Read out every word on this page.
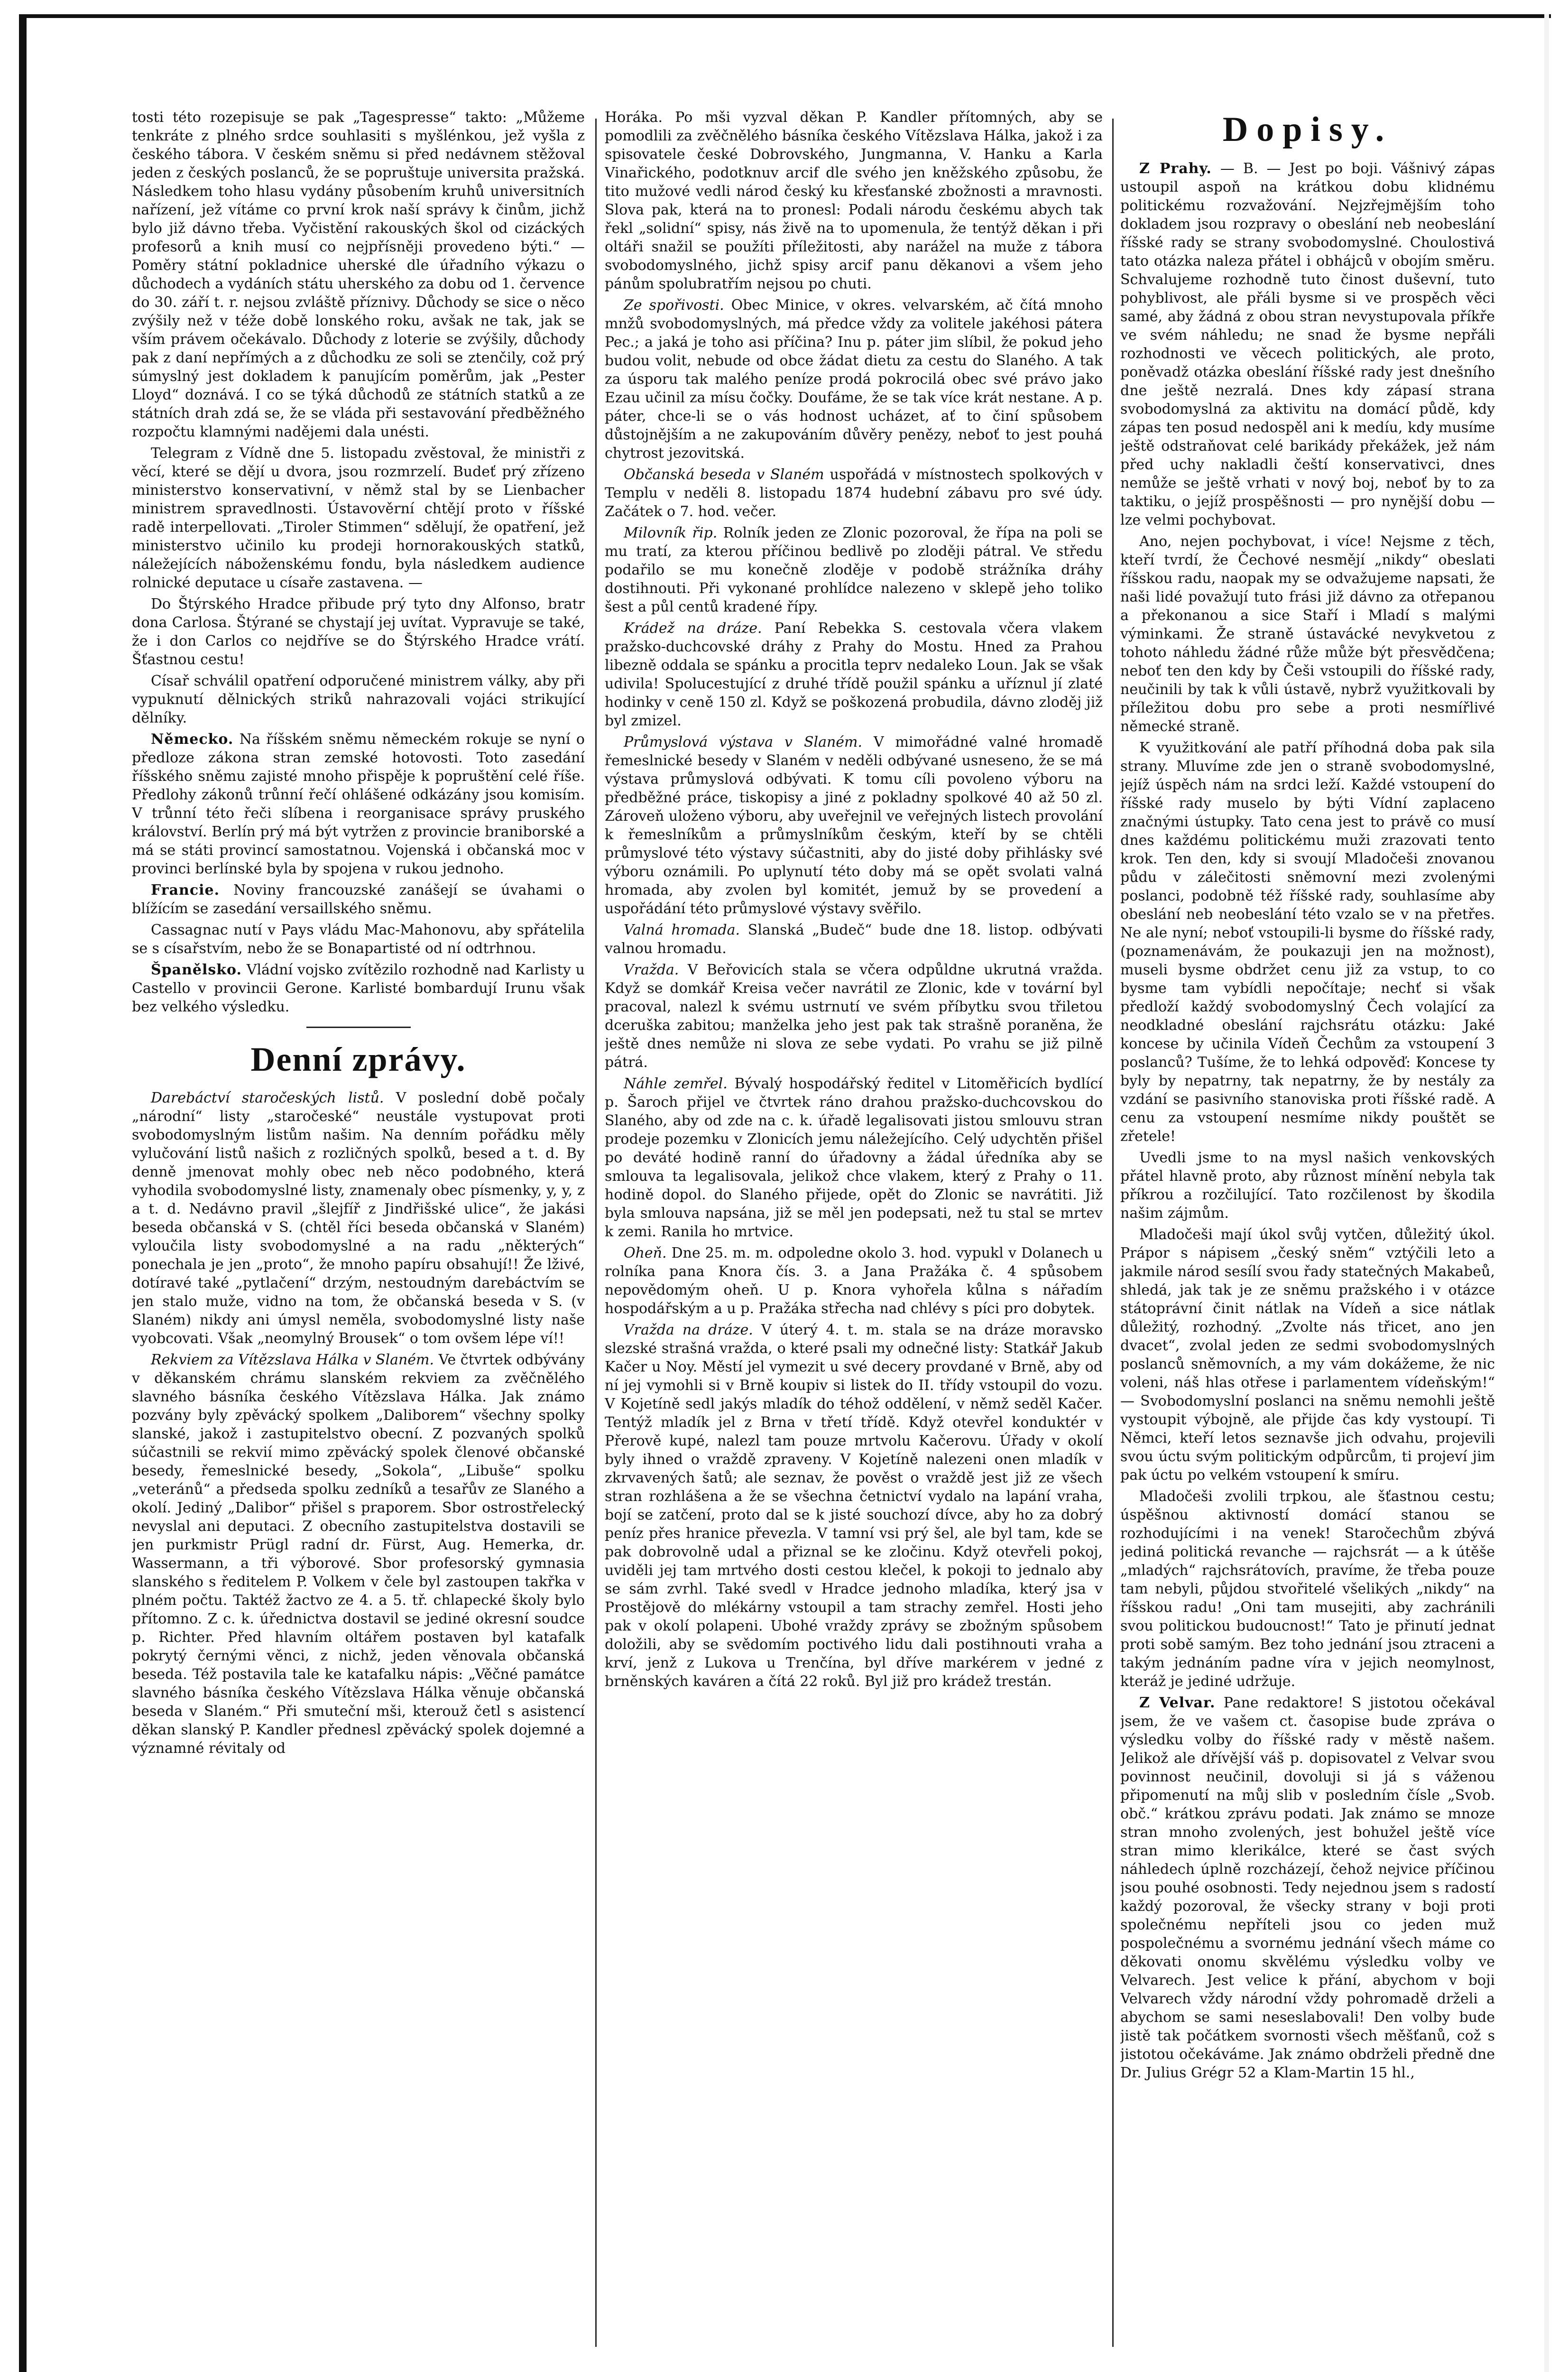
tosti této rozepisuje se pak „Tagespresse“ takto: „Můžeme tenkráte z plného srdce souhlasiti s myšlénkou, jež vyšla z českého tábora. V českém sněmu si před nedávnem stěžoval jeden z českých poslanců, že se popruštuje universita pražská. Následkem toho hlasu vydány působením kruhů universitních nařízení, jež vítáme co první krok naší správy k činům, jichž bylo již dávno třeba. Vyčistění rakouských škol od cizáckých profesorů a knih musí co nejpřísněji provedeno býti.“ — Poměry státní pokladnice uherské dle úřadního výkazu o důchodech a vydáních státu uherského za dobu od 1. července do 30. září t. r. nejsou zvláště příznivy. Důchody se sice o něco zvýšily než v téže době lonského roku, avšak ne tak, jak se vším právem očekávalo. Důchody z loterie se zvýšily, důchody pak z daní nepřímých a z důchodku ze soli se ztenčily, což prý súmyslný jest dokladem k panujícím poměrům, jak „Pester Lloyd“ doznává. I co se týká důchodů ze státních statků a ze státních drah zdá se, že se vláda při sestavování předběžného rozpočtu klamnými nadějemi dala unésti.

Telegram z Vídně dne 5. listopadu zvěstoval, že ministři z věcí, které se dějí u dvora, jsou rozmrzelí. Budeť prý zřízeno ministerstvo konservativní, v němž stal by se Lienbacher ministrem spravedlnosti. Ústavověrní chtějí proto v říšské radě interpellovati. „Tiroler Stimmen“ sdělují, že opatření, jež ministerstvo učinilo ku prodeji hornorakouských statků, náležejících náboženskému fondu, byla následkem audience rolnické deputace u císaře zastavena. —

Do Štýrského Hradce přibude prý tyto dny Alfonso, bratr dona Carlosa. Štýrané se chystají jej uvítat. Vypravuje se také, že i don Carlos co nejdříve se do Štýrského Hradce vrátí. Šťastnou cestu!

Císař schválil opatření odporučené ministrem války, aby při vypuknutí dělnických striků nahrazovali vojáci strikující dělníky.

Německo. Na říšském sněmu německém rokuje se nyní o předloze zákona stran zemské hotovosti. Toto zasedání říšského sněmu zajisté mnoho přispěje k popruštění celé říše. Předlohy zákonů trůnní řečí ohlášené odkázány jsou komisím. V trůnní této řeči slíbena i reorganisace správy pruského království. Berlín prý má být vytržen z provincie braniborské a má se státi provincí samostatnou. Vojenská i občanská moc v provinci berlínské byla by spojena v rukou jednoho.

Francie. Noviny francouzské zanášejí se úvahami o blížícím se zasedání versaillského sněmu.

Cassagnac nutí v Pays vládu Mac-Mahonovu, aby spřátelila se s císařstvím, nebo že se Bonapartisté od ní odtrhnou.

Španělsko. Vládní vojsko zvítězilo rozhodně nad Karlisty u Castello v provincii Gerone. Karlisté bombardují Irunu však bez velkého výsledku.

Denní zprávy.

Darebáctví staročeských listů. V poslední době počaly „národní“ listy „staročeské“ neustále vystupovat proti svobodomyslným listům našim. Na denním pořádku měly vylučování listů našich z rozličných spolků, besed a t. d. By denně jmenovat mohly obec neb něco podobného, která vyhodila svobodomyslné listy, znamenaly obec písmenky, y, y, z a t. d. Nedávno pravil „šlejfíř z Jindřišské ulice“, že jakási beseda občanská v S. (chtěl říci beseda občanská v Slaném) vyloučila listy svobodomyslné a na radu „některých“ ponechala je jen „proto“, že mnoho papíru obsahují!! Že lživé, dotíravé také „pytlačení“ drzým, nestoudným darebáctvím se jen stalo muže, vidno na tom, že občanská beseda v S. (v Slaném) nikdy ani úmysl neměla, svobodomyslné listy naše vyobcovati. Však „neomylný Brousek“ o tom ovšem lépe ví!!

Rekviem za Vítězslava Hálka v Slaném. Ve čtvrtek odbývány v děkanském chrámu slanském rekviem za zvěčnělého slavného básníka českého Vítězslava Hálka. Jak známo pozvány byly zpěvácký spolkem „Daliborem“ všechny spolky slanské, jakož i zastupitelstvo obecní. Z pozvaných spolků súčastnili se rekvií mimo zpěvácký spolek členové občanské besedy, řemeslnické besedy, „Sokola“, „Libuše“ spolku „veteránů“ a předseda spolku zedníků a tesařův ze Slaného a okolí. Jediný „Dalibor“ přišel s praporem. Sbor ostrostřelecký nevyslal ani deputaci. Z obecního zastupitelstva dostavili se jen purkmistr Prügl radní dr. Fürst, Aug. Hemerka, dr. Wassermann, a tři výborové. Sbor profesorský gymnasia slanského s ředitelem P. Volkem v čele byl zastoupen takřka v plném počtu. Taktéž žactvo ze 4. a 5. tř. chlapecké školy bylo přítomno. Z c. k. úřednictva dostavil se jediné okresní soudce p. Richter. Před hlavním oltářem postaven byl katafalk pokrytý černými věnci, z nichž, jeden věnovala občanská beseda. Též postavila tale ke katafalku nápis: „Věčné památce slavného básníka českého Vítězslava Hálka věnuje občanská beseda v Slaném.“ Při smuteční mši, kterouž četl s asistencí děkan slanský P. Kandler přednesl zpěvácký spolek dojemné a významné révitaly od

Horáka. Po mši vyzval děkan P. Kandler přítomných, aby se pomodlili za zvěčnělého básníka českého Vítězslava Hálka, jakož i za spisovatele české Dobrovského, Jungmanna, V. Hanku a Karla Vinařického, podotknuv arcif dle svého jen kněžského způsobu, že tito mužové vedli národ český ku křesťanské zbožnosti a mravnosti. Slova pak, která na to pronesl: Podali národu českému abych tak řekl „solidní“ spisy, nás živě na to upomenula, že tentýž děkan i při oltáři snažil se použíti příležitosti, aby narážel na muže z tábora svobodomyslného, jichž spisy arcif panu děkanovi a všem jeho pánům spolubratřím nejsou po chuti.

Ze spořivosti. Obec Minice, v okres. velvarském, ač čítá mnoho mnžů svobodomyslných, má předce vždy za volitele jakéhosi pátera Pec.; a jaká je toho asi příčina? Inu p. páter jim slíbil, že pokud jeho budou volit, nebude od obce žádat dietu za cestu do Slaného. A tak za úsporu tak malého peníze prodá pokrocilá obec své právo jako Ezau učinil za mísu čočky. Doufáme, že se tak více krát nestane. A p. páter, chce-li se o vás hodnost ucházet, ať to činí spůsobem důstojnějším a ne zakupováním důvěry penězy, neboť to jest pouhá chytrost jezovitská.

Občanská beseda v Slaném uspořádá v místnostech spolkových v Templu v neděli 8. listopadu 1874 hudební zábavu pro své údy. Začátek o 7. hod. večer.

Milovník řip. Rolník jeden ze Zlonic pozoroval, že řípa na poli se mu tratí, za kterou příčinou bedlivě po zloději pátral. Ve středu podařilo se mu konečně zloděje v podobě strážníka dráhy dostihnouti. Při vykonané prohlídce nalezeno v sklepě jeho toliko šest a půl centů kradené řípy.

Krádež na dráze. Paní Rebekka S. cestovala včera vlakem pražsko-duchcovské dráhy z Prahy do Mostu. Hned za Prahou libezně oddala se spánku a procitla teprv nedaleko Loun. Jak se však udivila! Spolucestující z druhé třídě použil spánku a uříznul jí zlaté hodinky v ceně 150 zl. Když se poškozená probudila, dávno zloděj již byl zmizel.

Průmyslová výstava v Slaném. V mimořádné valné hromadě řemeslnické besedy v Slaném v neděli odbývané usneseno, že se má výstava průmyslová odbývati. K tomu cíli povoleno výboru na předběžné práce, tiskopisy a jiné z pokladny spolkové 40 až 50 zl. Zároveň uloženo výboru, aby uveřejnil ve veřejných listech provolání k řemeslníkům a průmyslníkům českým, kteří by se chtěli průmyslové této výstavy súčastniti, aby do jisté doby přihlásky své výboru oznámili. Po uplynutí této doby má se opět svolati valná hromada, aby zvolen byl komitét, jemuž by se provedení a uspořádání této průmyslové výstavy svěřilo.

Valná hromada. Slanská „Budeč“ bude dne 18. listop. odbývati valnou hromadu.

Vražda. V Beřovicích stala se včera odpůldne ukrutná vražda. Když se domkář Kreisa večer navrátil ze Zlonic, kde v tovární byl pracoval, nalezl k svému ustrnutí ve svém příbytku svou třiletou dceruška zabitou; manželka jeho jest pak tak strašně poraněna, že ještě dnes nemůže ni slova ze sebe vydati. Po vrahu se již pilně pátrá.

Náhle zemřel. Bývalý hospodářský ředitel v Litoměřicích bydlící p. Šaroch přijel ve čtvrtek ráno drahou pražsko-duchcovskou do Slaného, aby od zde na c. k. úřadě legalisovati jistou smlouvu stran prodeje pozemku v Zlonicích jemu náležejícího. Celý udychtěn přišel po deváté hodině ranní do úřadovny a žádal úředníka aby se smlouva ta legalisovala, jelikož chce vlakem, který z Prahy o 11. hodině dopol. do Slaného přijede, opět do Zlonic se navrátiti. Již byla smlouva napsána, již se měl jen podepsati, než tu stal se mrtev k zemi. Ranila ho mrtvice.

Oheň. Dne 25. m. m. odpoledne okolo 3. hod. vypukl v Dolanech u rolníka pana Knora čís. 3. a Jana Pražáka č. 4 spůsobem nepovědomým oheň. U p. Knora vyhořela kůlna s nářadím hospodářským a u p. Pražáka střecha nad chlévy s píci pro dobytek.

Vražda na dráze. V úterý 4. t. m. stala se na dráze moravsko slezské strašná vražda, o které psali my odnečné listy: Statkář Jakub Kačer u Noy. Městí jel vymezit u své decery provdané v Brně, aby od ní jej vymohli si v Brně koupiv si listek do II. třídy vstoupil do vozu. V Kojetíně sedl jakýs mladík do téhož oddělení, v němž seděl Kačer. Tentýž mladík jel z Brna v třetí třídě. Když otevřel konduktér v Přerově kupé, nalezl tam pouze mrtvolu Kačerovu. Úřady v okolí byly ihned o vraždě zpraveny. V Kojetíně nalezeni onen mladík v zkrvavených šatů; ale seznav, že pověst o vraždě jest již ze všech stran rozhlášena a že se všechna četnictví vydalo na lapání vraha, bojí se zatčení, proto dal se k jisté souchozí dívce, aby ho za dobrý peníz přes hranice převezla. V tamní vsi prý šel, ale byl tam, kde se pak dobrovolně udal a přiznal se ke zločinu. Když otevřeli pokoj, uviděli jej tam mrtvého dosti cestou klečel, k pokoji to jednalo aby se sám zvrhl. Také svedl v Hradce jednoho mladíka, který jsa v Prostějově do mlékárny vstoupil a tam strachy zemřel. Hosti jeho pak v okolí polapeni. Ubohé vraždy zprávy se zbožným spůsobem doložili, aby se svědomím poctivého lidu dali postihnouti vraha a krví, jenž z Lukova u Trenčína, byl dříve markérem v jedné z brněnských kaváren a čítá 22 roků. Byl již pro krádež trestán.

Dopisy.

Z Prahy. — B. — Jest po boji. Vášnivý zápas ustoupil aspoň na krátkou dobu klidnému politickému rozvažování. Nejzřejmějším toho dokladem jsou rozpravy o obeslání neb neobeslání říšské rady se strany svobodomyslné. Choulostivá tato otázka naleza přátel i obhájců v obojím směru. Schvalujeme rozhodně tuto činost duševní, tuto pohyblivost, ale přáli bysme si ve prospěch věci samé, aby žádná z obou stran nevystupovala příkře ve svém náhledu; ne snad že bysme nepřáli rozhodnosti ve věcech politických, ale proto, poněvadž otázka obeslání říšské rady jest dnešního dne ještě nezralá. Dnes kdy zápasí strana svobodomyslná za aktivitu na domácí půdě, kdy zápas ten posud nedospěl ani k medíu, kdy musíme ještě odstraňovat celé barikády překážek, jež nám před uchy nakladli čeští konservativci, dnes nemůže se ještě vrhati v nový boj, neboť by to za taktiku, o jejíž prospěšnosti — pro nynější dobu — lze velmi pochybovat.

Ano, nejen pochybovat, i více! Nejsme z těch, kteří tvrdí, že Čechové nesmějí „nikdy“ obeslati říšskou radu, naopak my se odvažujeme napsati, že naši lidé považují tuto frási již dávno za otřepanou a překonanou a sice Staří i Mladí s malými výminkami. Že straně ústavácké nevykvetou z tohoto náhledu žádné růže může být přesvědčena; neboť ten den kdy by Češi vstoupili do říšské rady, neučinili by tak k vůli ústavě, nybrž využitkovali by příležitou dobu pro sebe a proti nesmířlivé německé straně.

K využitkování ale patří příhodná doba pak sila strany. Mluvíme zde jen o straně svobodomyslné, jejíž úspěch nám na srdci leží. Každé vstoupení do říšské rady muselo by býti Vídní zaplaceno značnými ústupky. Tato cena jest to právě co musí dnes každému politickému muži zrazovati tento krok. Ten den, kdy si svoují Mladočeši znovanou půdu v zálečitosti sněmovní mezi zvolenými poslanci, podobně též říšské rady, souhlasíme aby obeslání neb neobeslání této vzalo se v na přetřes. Ne ale nyní; neboť vstoupili-li bysme do říšské rady, (poznamenávám, že poukazuji jen na možnost), museli bysme obdržet cenu již za vstup, to co bysme tam vybídli nepočítaje; nechť si však předloží každý svobodomyslný Čech volající za neodkladné obeslání rajchsrátu otázku: Jaké koncese by učinila Vídeň Čechům za vstoupení 3 poslanců? Tušíme, že to lehká odpověď: Koncese ty byly by nepatrny, tak nepatrny, že by nestály za vzdání se pasivního stanoviska proti říšské radě. A cenu za vstoupení nesmíme nikdy pouštět se zřetele!

Uvedli jsme to na mysl našich venkovských přátel hlavně proto, aby různost mínění nebyla tak příkrou a rozčilující. Tato rozčilenost by škodila našim zájmům.

Mladočeši mají úkol svůj vytčen, důležitý úkol. Prápor s nápisem „český sněm“ vztýčili leto a jakmile národ sesílí svou řady statečných Makabeů, shledá, jak tak je ze sněmu pražského i v otázce státoprávní činit nátlak na Vídeň a sice nátlak důležitý, rozhodný. „Zvolte nás třicet, ano jen dvacet“, zvolal jeden ze sedmi svobodomyslných poslanců sněmovních, a my vám dokážeme, že nic voleni, náš hlas otřese i parlamentem vídeňským!“ — Svobodomyslní poslanci na sněmu nemohli ještě vystoupit výbojně, ale přijde čas kdy vystoupí. Ti Němci, kteří letos seznavše jich odvahu, projevili svou úctu svým politickým odpůrcům, ti projeví jim pak úctu po velkém vstoupení k smíru.

Mladočeši zvolili trpkou, ale šťastnou cestu; úspěšnou aktivností domácí stanou se rozhodujícími i na venek! Staročechům zbývá jediná politická revanche — rajchsrát — a k útěše „mladých“ rajchsrátovích, pravíme, že třeba pouze tam nebyli, půjdou stvořitelé všelikých „nikdy“ na říšskou radu! „Oni tam musejiti, aby zachránili svou politickou budoucnost!“ Tato je přinutí jednat proti sobě samým. Bez toho jednání jsou ztraceni a takým jednáním padne víra v jejich neomylnost, kteráž je jediné udržuje.

Z Velvar. Pane redaktore! S jistotou očekával jsem, že ve vašem ct. časopise bude zpráva o výsledku volby do říšské rady v městě našem. Jelikož ale dřívější váš p. dopisovatel z Velvar svou povinnost neučinil, dovoluji si já s váženou připomenutí na můj slib v posledním čísle „Svob. obč.“ krátkou zprávu podati. Jak známo se mnoze stran mnoho zvolených, jest bohužel ještě více stran mimo klerikálce, které se čast svých náhledech úplně rozcházejí, čehož nejvice příčinou jsou pouhé osobnosti. Tedy nejednou jsem s radostí každý pozoroval, že všecky strany v boji proti společnému nepříteli jsou co jeden muž pospolečnému a svornému jednání všech máme co děkovati onomu skvělému výsledku volby ve Velvarech. Jest velice k přání, abychom v boji Velvarech vždy národní vždy pohromadě drželi a abychom se sami neseslabovali! Den volby bude jistě tak počátkem svornosti všech měšťanů, což s jistotou očekáváme. Jak známo obdrželi předně dne Dr. Julius Grégr 52 a Klam-Martin 15 hl.,
